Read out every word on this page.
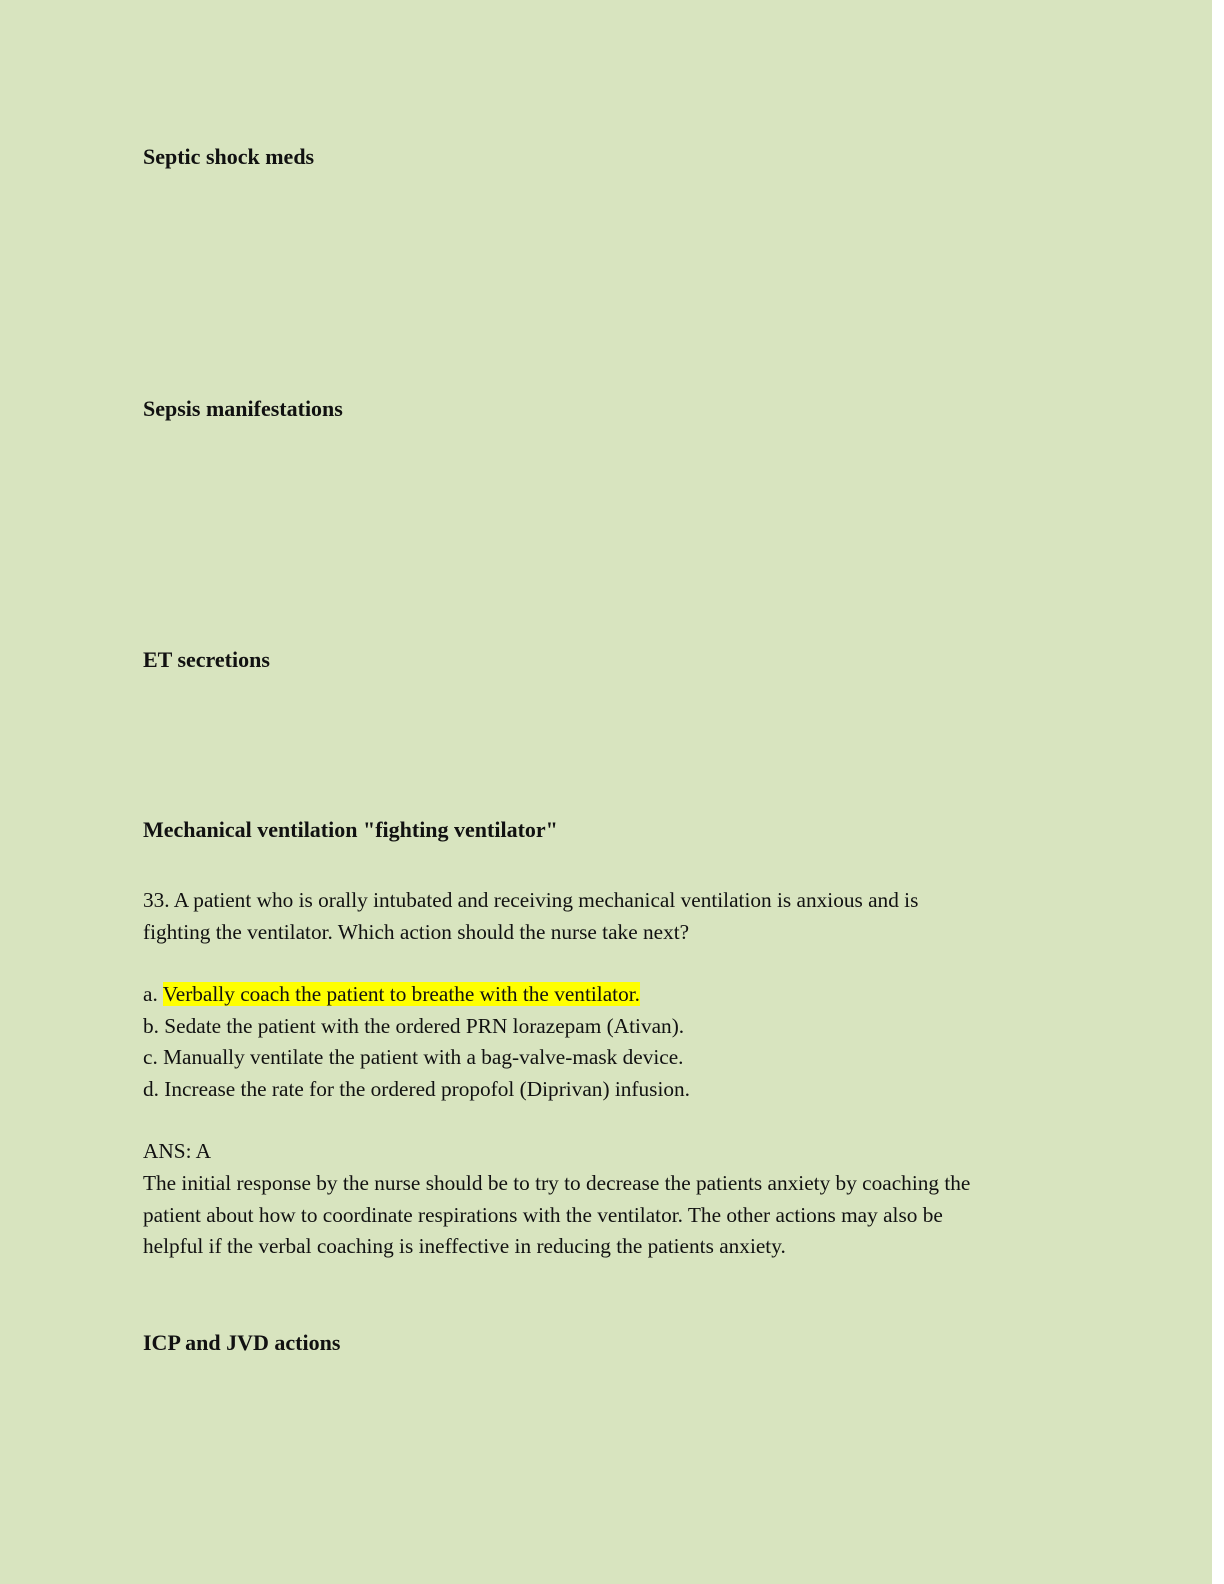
Septic shock meds
Sepsis manifestations
ET secretions
Mechanical ventilation "fighting ventilator"
33. A patient who is orally intubated and receiving mechanical ventilation is anxious and is
fighting the ventilator. Which action should the nurse take next?
a. Verbally coach the patient to breathe with the ventilator.
b. Sedate the patient with the ordered PRN lorazepam (Ativan).
c. Manually ventilate the patient with a bag-valve-mask device.
d. Increase the rate for the ordered propofol (Diprivan) infusion.
ANS: A
The initial response by the nurse should be to try to decrease the patients anxiety by coaching the
patient about how to coordinate respirations with the ventilator. The other actions may also be
helpful if the verbal coaching is ineffective in reducing the patients anxiety.
ICP and JVD actions
